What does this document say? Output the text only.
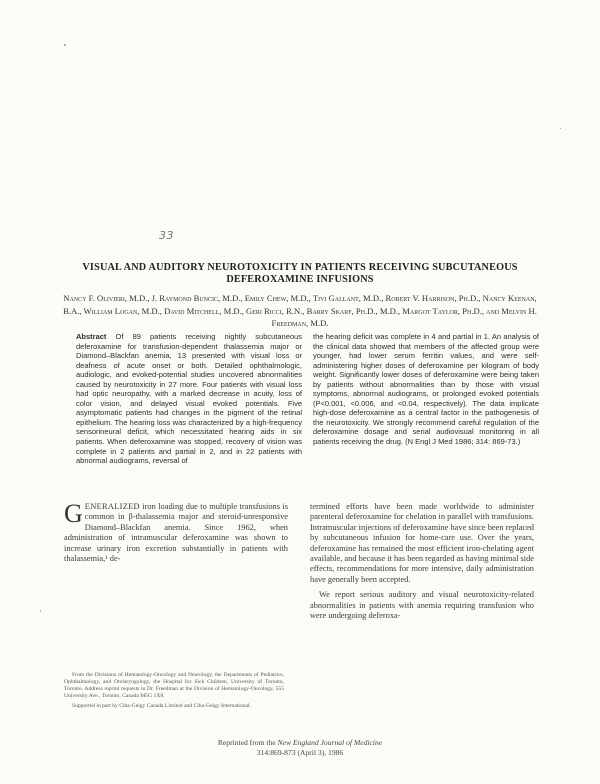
33
VISUAL AND AUDITORY NEUROTOXICITY IN PATIENTS RECEIVING SUBCUTANEOUS DEFEROXAMINE INFUSIONS
Nancy F. Olivieri, M.D., J. Raymond Buncic, M.D., Emily Chew, M.D., Tivi Gallant, M.D., Robert V. Harrison, Ph.D., Nancy Keenan, B.A., William Logan, M.D., David Mitchell, M.D., Geri Ricci, R.N., Barry Skarf, Ph.D., M.D., Margot Taylor, Ph.D., and Melvin H. Freedman, M.D.
Abstract Of 89 patients receiving nightly subcutaneous deferoxamine for transfusion-dependent thalassemia major or Diamond–Blackfan anemia, 13 presented with visual loss or deafness of acute onset or both. Detailed ophthalmologic, audiologic, and evoked-potential studies uncovered abnormalities caused by neurotoxicity in 27 more. Four patients with visual loss had optic neuropathy, with a marked decrease in acuity, loss of color vision, and delayed visual evoked potentials. Five asymptomatic patients had changes in the pigment of the retinal epithelium. The hearing loss was characterized by a high-frequency sensorineural deficit, which necessitated hearing aids in six patients. When deferoxamine was stopped, recovery of vision was complete in 2 patients and partial in 2, and in 22 patients with abnormal audiograms, reversal of
the hearing deficit was complete in 4 and partial in 1. An analysis of the clinical data showed that members of the affected group were younger, had lower serum ferritin values, and were self-administering higher doses of deferoxamine per kilogram of body weight. Significantly lower doses of deferoxamine were being taken by patients without abnormalities than by those with visual symptoms, abnormal audiograms, or prolonged evoked potentials (P<0.001, <0.006, and <0.04, respectively). The data implicate high-dose deferoxamine as a central factor in the pathogenesis of the neurotoxicity. We strongly recommend careful regulation of the deferoxamine dosage and serial audiovisual monitoring in all patients receiving the drug. (N Engl J Med 1986; 314: 869-73.)

GENERALIZED iron loading due to multiple transfusions is common in β-thalassemia major and steroid-unresponsive Diamond–Blackfan anemia. Since 1962, when administration of intramuscular deferoxamine was shown to increase urinary iron excretion substantially in patients with thalassemia,¹ de-

termined efforts have been made worldwide to administer parenteral deferoxamine for chelation in parallel with transfusions. Intramuscular injections of deferoxamine have since been replaced by subcutaneous infusion for home-care use. Over the years, deferoxamine has remained the most efficient iron-chelating agent available, and because it has been regarded as having minimal side effects, recommendations for more intensive, daily administration have generally been accepted.

We report serious auditory and visual neurotoxicity-related abnormalities in patients with anemia requiring transfusion who were undergoing deferoxa-

From the Divisions of Hematology-Oncology and Neurology, the Departments of Pediatrics, Ophthalmology, and Otolaryngology, the Hospital for Sick Children, University of Toronto, Toronto. Address reprint requests to Dr. Freedman at the Division of Hematology-Oncology, 555 University Ave., Toronto, Canada M5G 1X8.

Supported in part by Ciba-Geigy Canada Limited and Ciba-Geigy International.

Reprinted from the New England Journal of Medicine
314:869-873 (April 3), 1986
